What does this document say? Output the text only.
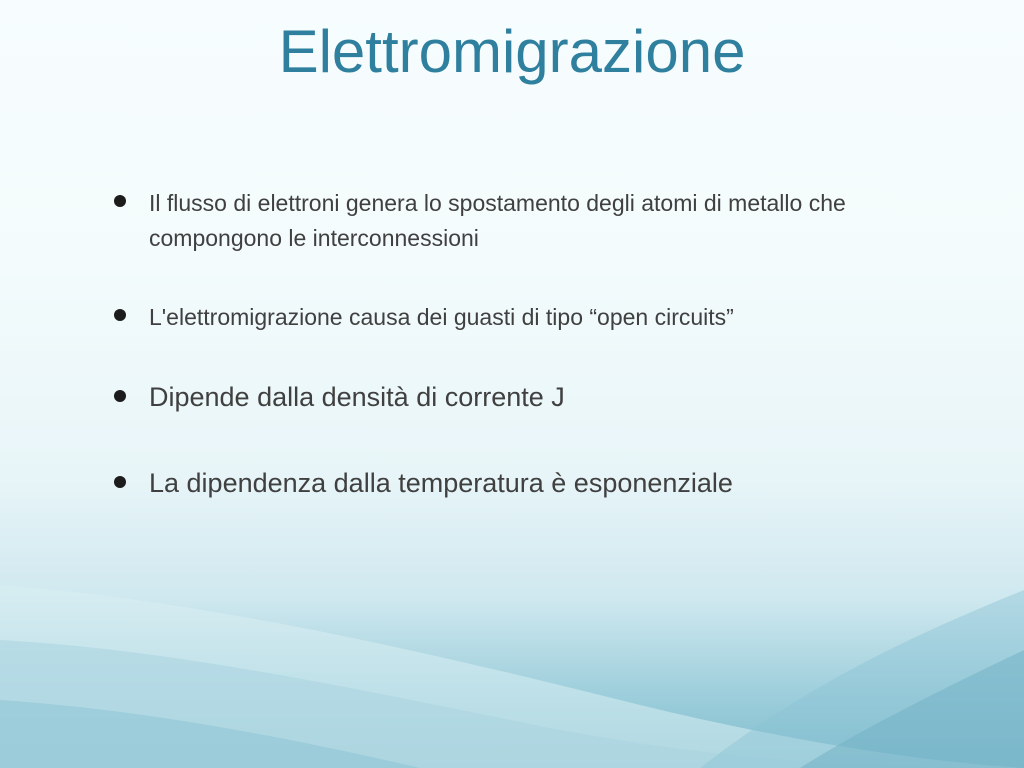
Elettromigrazione
Il flusso di elettroni genera lo spostamento degli atomi di metallo che compongono le interconnessioni
L'elettromigrazione causa dei guasti di tipo “open circuits”
Dipende dalla densità di corrente J
La dipendenza dalla temperatura è esponenziale
